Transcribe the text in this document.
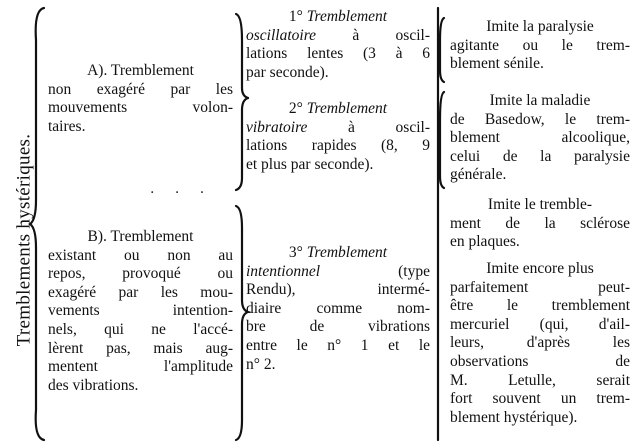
Tremblements hystériques.
A). Tremblement
non exagéré par les
mouvements volon-
taires.
. . .
B). Tremblement
existant ou non au
repos, provoqué ou
exagéré par les mou-
vements intention-
nels, qui ne l'accé-
lèrent pas, mais aug-
mentent l'amplitude
des vibrations.
1° Tremblement
oscillatoire à oscil-
lations lentes (3 à 6
par seconde).
2° Tremblement
vibratoire	à oscil-
lations rapides (8, 9
et plus par seconde).
3° Tremblement
intentionnel	(type
Rendu), intermé-
diaire comme nom-
bre de vibrations
entre le n° 1 et le
n° 2.
Imite la paralysie
agitante ou le trem-
blement sénile.
Imite la maladie
de Basedow, le trem-
blement alcoolique,
celui de la paralysie
générale.
Imite le tremble-
ment de la sclérose
en plaques.
Imite encore plus
parfaitement peut-
être le tremblement
mercuriel (qui, d'ail-
leurs, d'après les
observations de
M. Letulle, serait
fort souvent un trem-
blement hystérique).
